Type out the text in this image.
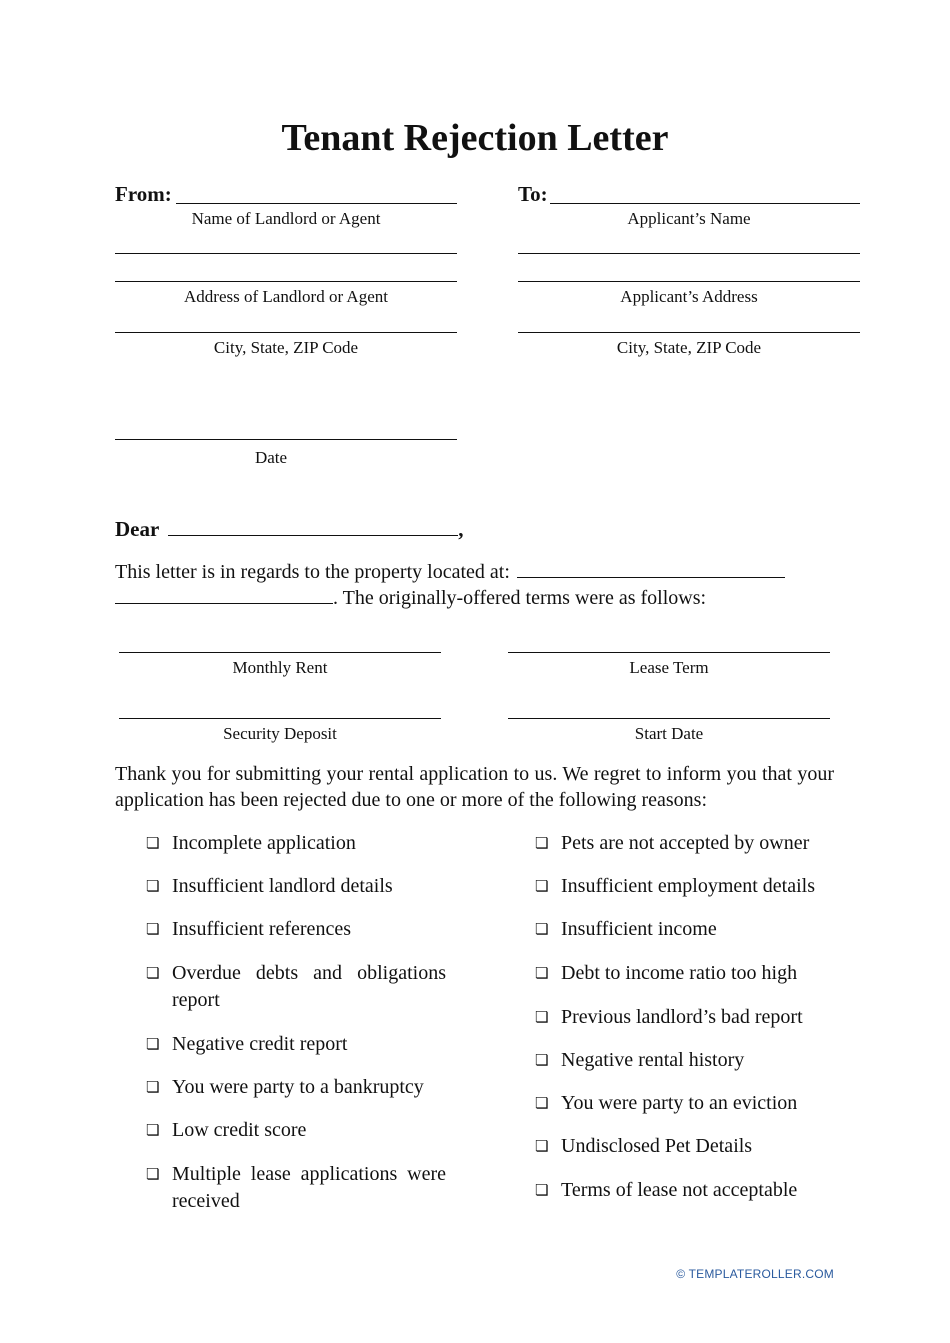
Tenant Rejection Letter
From:
Name of Landlord or Agent
Address of Landlord or Agent
City, State, ZIP Code
To:
Applicant’s Name
Applicant’s Address
City, State, ZIP Code
Date
Dear	,
This letter is in regards to the property located at:
. The originally-offered terms were as follows:
Monthly Rent	Lease Term
Security Deposit	Start Date
Thank you for submitting your rental application to us. We regret to inform you that your application has been rejected due to one or more of the following reasons:
❏ Incomplete application
❏ Insufficient landlord details
❏ Insufficient references
❏ Overdue debts and obligations report
❏ Negative credit report
❏ You were party to a bankruptcy
❏ Low credit score
❏ Multiple lease applications were received
❏ Pets are not accepted by owner
❏ Insufficient employment details
❏ Insufficient income
❏ Debt to income ratio too high
❏ Previous landlord’s bad report
❏ Negative rental history
❏ You were party to an eviction
❏ Undisclosed Pet Details
❏ Terms of lease not acceptable
© TEMPLATEROLLER.COM
